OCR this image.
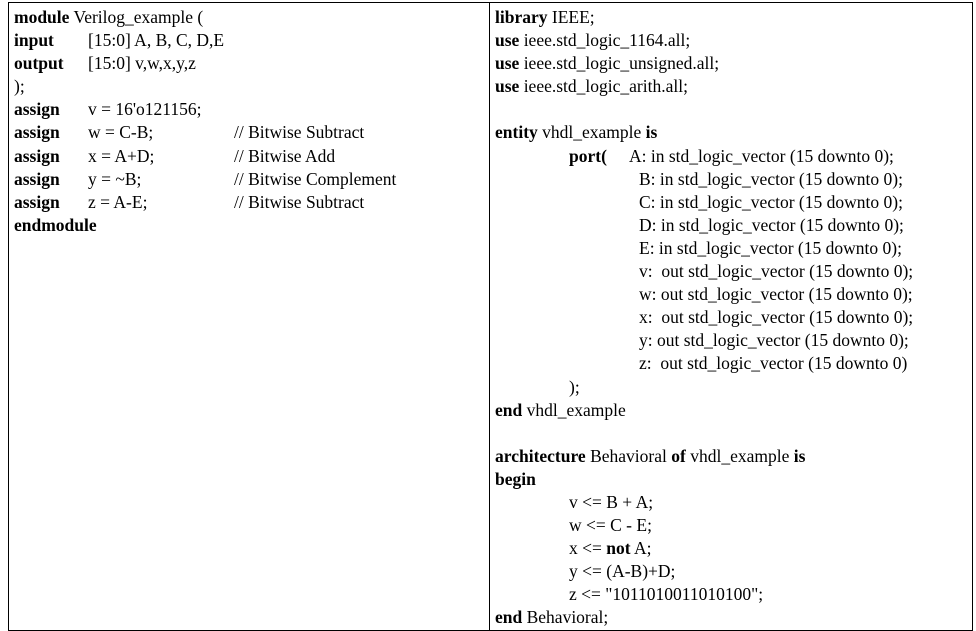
module Verilog_example (
input [15:0] A, B, C, D,E
output [15:0] v,w,x,y,z
);
assign v = 16'o121156;
assign w = C-B;	// Bitwise Subtract
assign x = A+D;	// Bitwise Add
assign y = ~B;	// Bitwise Complement
assign z = A-E;	// Bitwise Subtract
endmodule

library IEEE;
use ieee.std_logic_1164.all;
use ieee.std_logic_unsigned.all;
use ieee.std_logic_arith.all;
entity vhdl_example is
port( A: in std_logic_vector (15 downto 0);
B: in std_logic_vector (15 downto 0);
C: in std_logic_vector (15 downto 0);
D: in std_logic_vector (15 downto 0);
E: in std_logic_vector (15 downto 0);
v:  out std_logic_vector (15 downto 0);
w: out std_logic_vector (15 downto 0);
x:  out std_logic_vector (15 downto 0);
y: out std_logic_vector (15 downto 0);
z:  out std_logic_vector (15 downto 0)
);
end vhdl_example
architecture Behavioral of vhdl_example is
begin
v <= B + A;
w <= C - E;
x <= not A;
y <= (A-B)+D;
z <= "1011010011010100";
end Behavioral;
